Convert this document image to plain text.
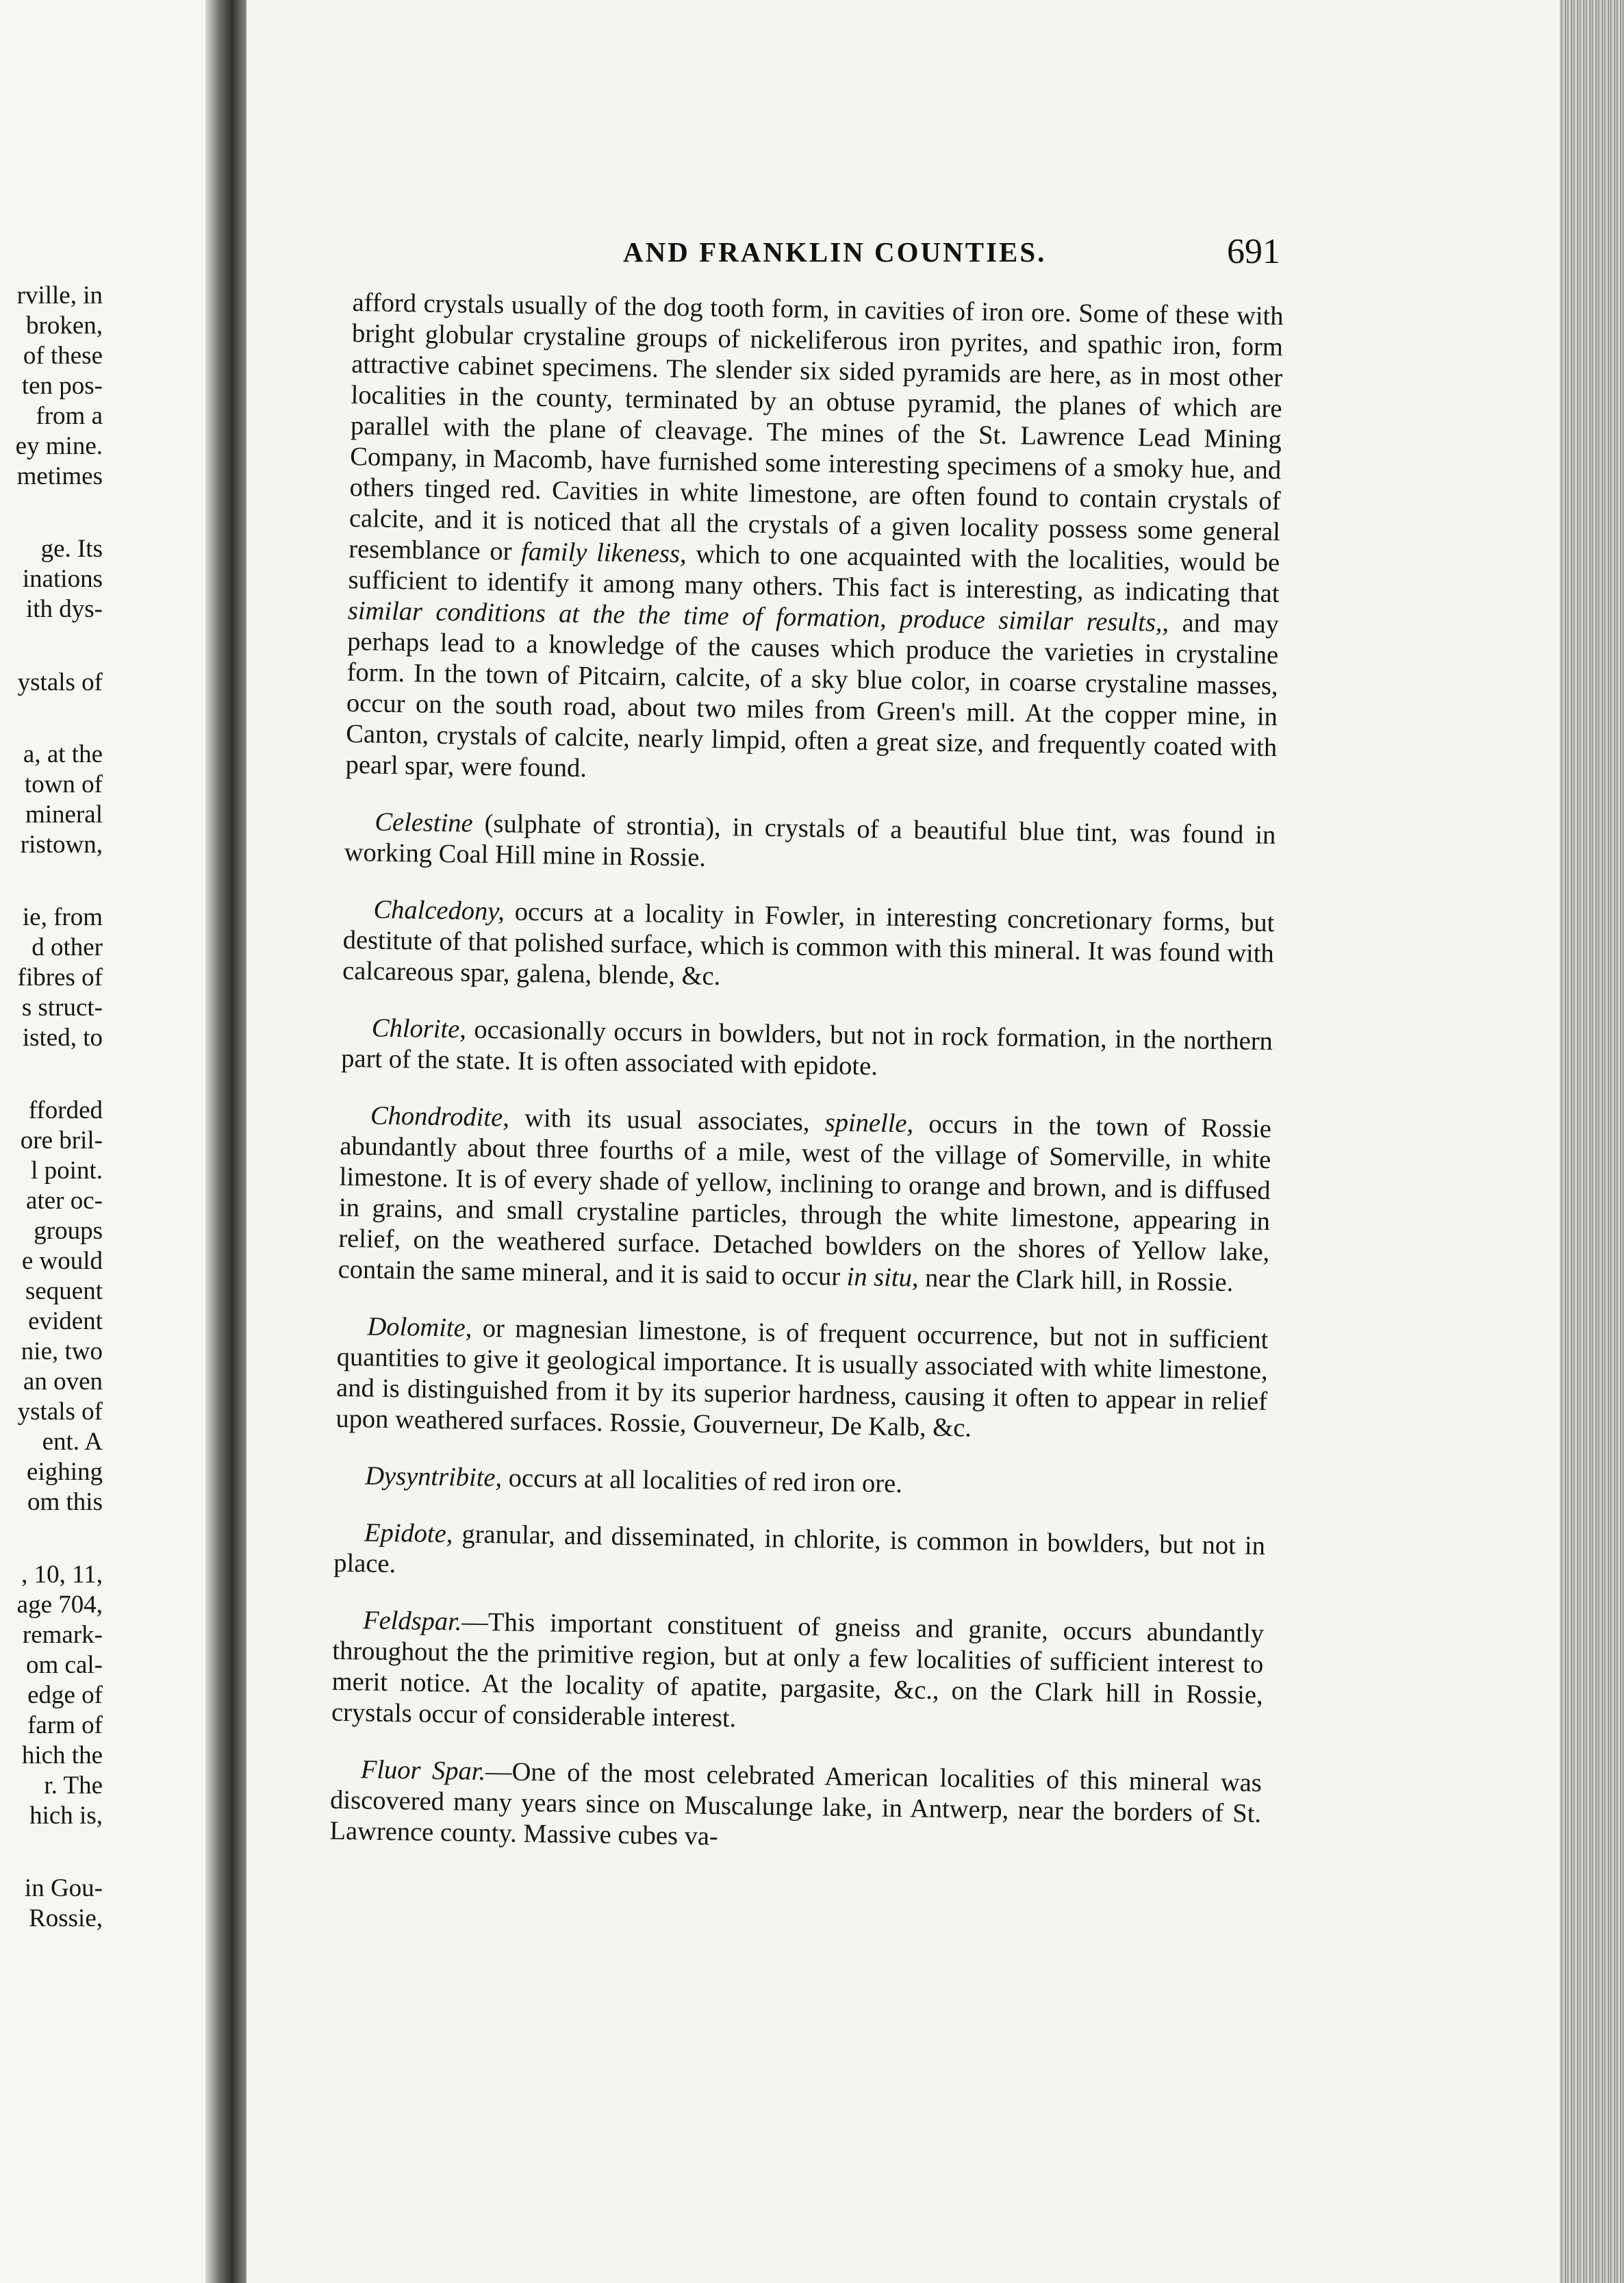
rville, in
broken,
of these
ten pos-
from a
ey mine.
metimes
ge. Its
inations
ith dys-
ystals of
a, at the
town of
mineral
ristown,
ie, from
d other
fibres of
s struct-
isted, to
fforded
ore bril-
l point.
ater oc-
groups
e would
sequent
evident
nie, two
an oven
ystals of
ent. A
eighing
om this
, 10, 11,
age 704,
remark-
om cal-
edge of
farm of
hich the
r. The
hich is,
in Gou-
Rossie,
AND FRANKLIN COUNTIES.	691

afford crystals usually of the dog tooth form, in cavities of iron ore. Some of these with bright globular crystaline groups of nickeliferous iron pyrites, and spathic iron, form attractive cabinet specimens. The slender six sided pyramids are here, as in most other localities in the county, terminated by an obtuse pyramid, the planes of which are parallel with the plane of cleavage. The mines of the St. Lawrence Lead Mining Company, in Macomb, have furnished some interesting specimens of a smoky hue, and others tinged red. Cavities in white limestone, are often found to contain crystals of calcite, and it is noticed that all the crystals of a given locality possess some general resemblance or family likeness, which to one acquainted with the localities, would be sufficient to identify it among many others. This fact is interesting, as indicating that similar conditions at the the time of formation, produce similar results,, and may perhaps lead to a knowledge of the causes which produce the varieties in crystaline form. In the town of Pitcairn, calcite, of a sky blue color, in coarse crystaline masses, occur on the south road, about two miles from Green's mill. At the copper mine, in Canton, crystals of calcite, nearly limpid, often a great size, and frequently coated with pearl spar, were found.

Celestine (sulphate of strontia), in crystals of a beautiful blue tint, was found in working Coal Hill mine in Rossie.

Chalcedony, occurs at a locality in Fowler, in interesting concretionary forms, but destitute of that polished surface, which is common with this mineral. It was found with calcareous spar, galena, blende, &c.

Chlorite, occasionally occurs in bowlders, but not in rock formation, in the northern part of the state. It is often associated with epidote.

Chondrodite, with its usual associates, spinelle, occurs in the town of Rossie abundantly about three fourths of a mile, west of the village of Somerville, in white limestone. It is of every shade of yellow, inclining to orange and brown, and is diffused in grains, and small crystaline particles, through the white limestone, appearing in relief, on the weathered surface. Detached bowlders on the shores of Yellow lake, contain the same mineral, and it is said to occur in situ, near the Clark hill, in Rossie.

Dolomite, or magnesian limestone, is of frequent occurrence, but not in sufficient quantities to give it geological importance. It is usually associated with white limestone, and is distinguished from it by its superior hardness, causing it often to appear in relief upon weathered surfaces. Rossie, Gouverneur, De Kalb, &c.

Dysyntribite, occurs at all localities of red iron ore.

Epidote, granular, and disseminated, in chlorite, is common in bowlders, but not in place.

Feldspar.—This important constituent of gneiss and granite, occurs abundantly throughout the the primitive region, but at only a few localities of sufficient interest to merit notice. At the locality of apatite, pargasite, &c., on the Clark hill in Rossie, crystals occur of considerable interest.

Fluor Spar.—One of the most celebrated American localities of this mineral was discovered many years since on Muscalunge lake, in Antwerp, near the borders of St. Lawrence county. Massive cubes va-
